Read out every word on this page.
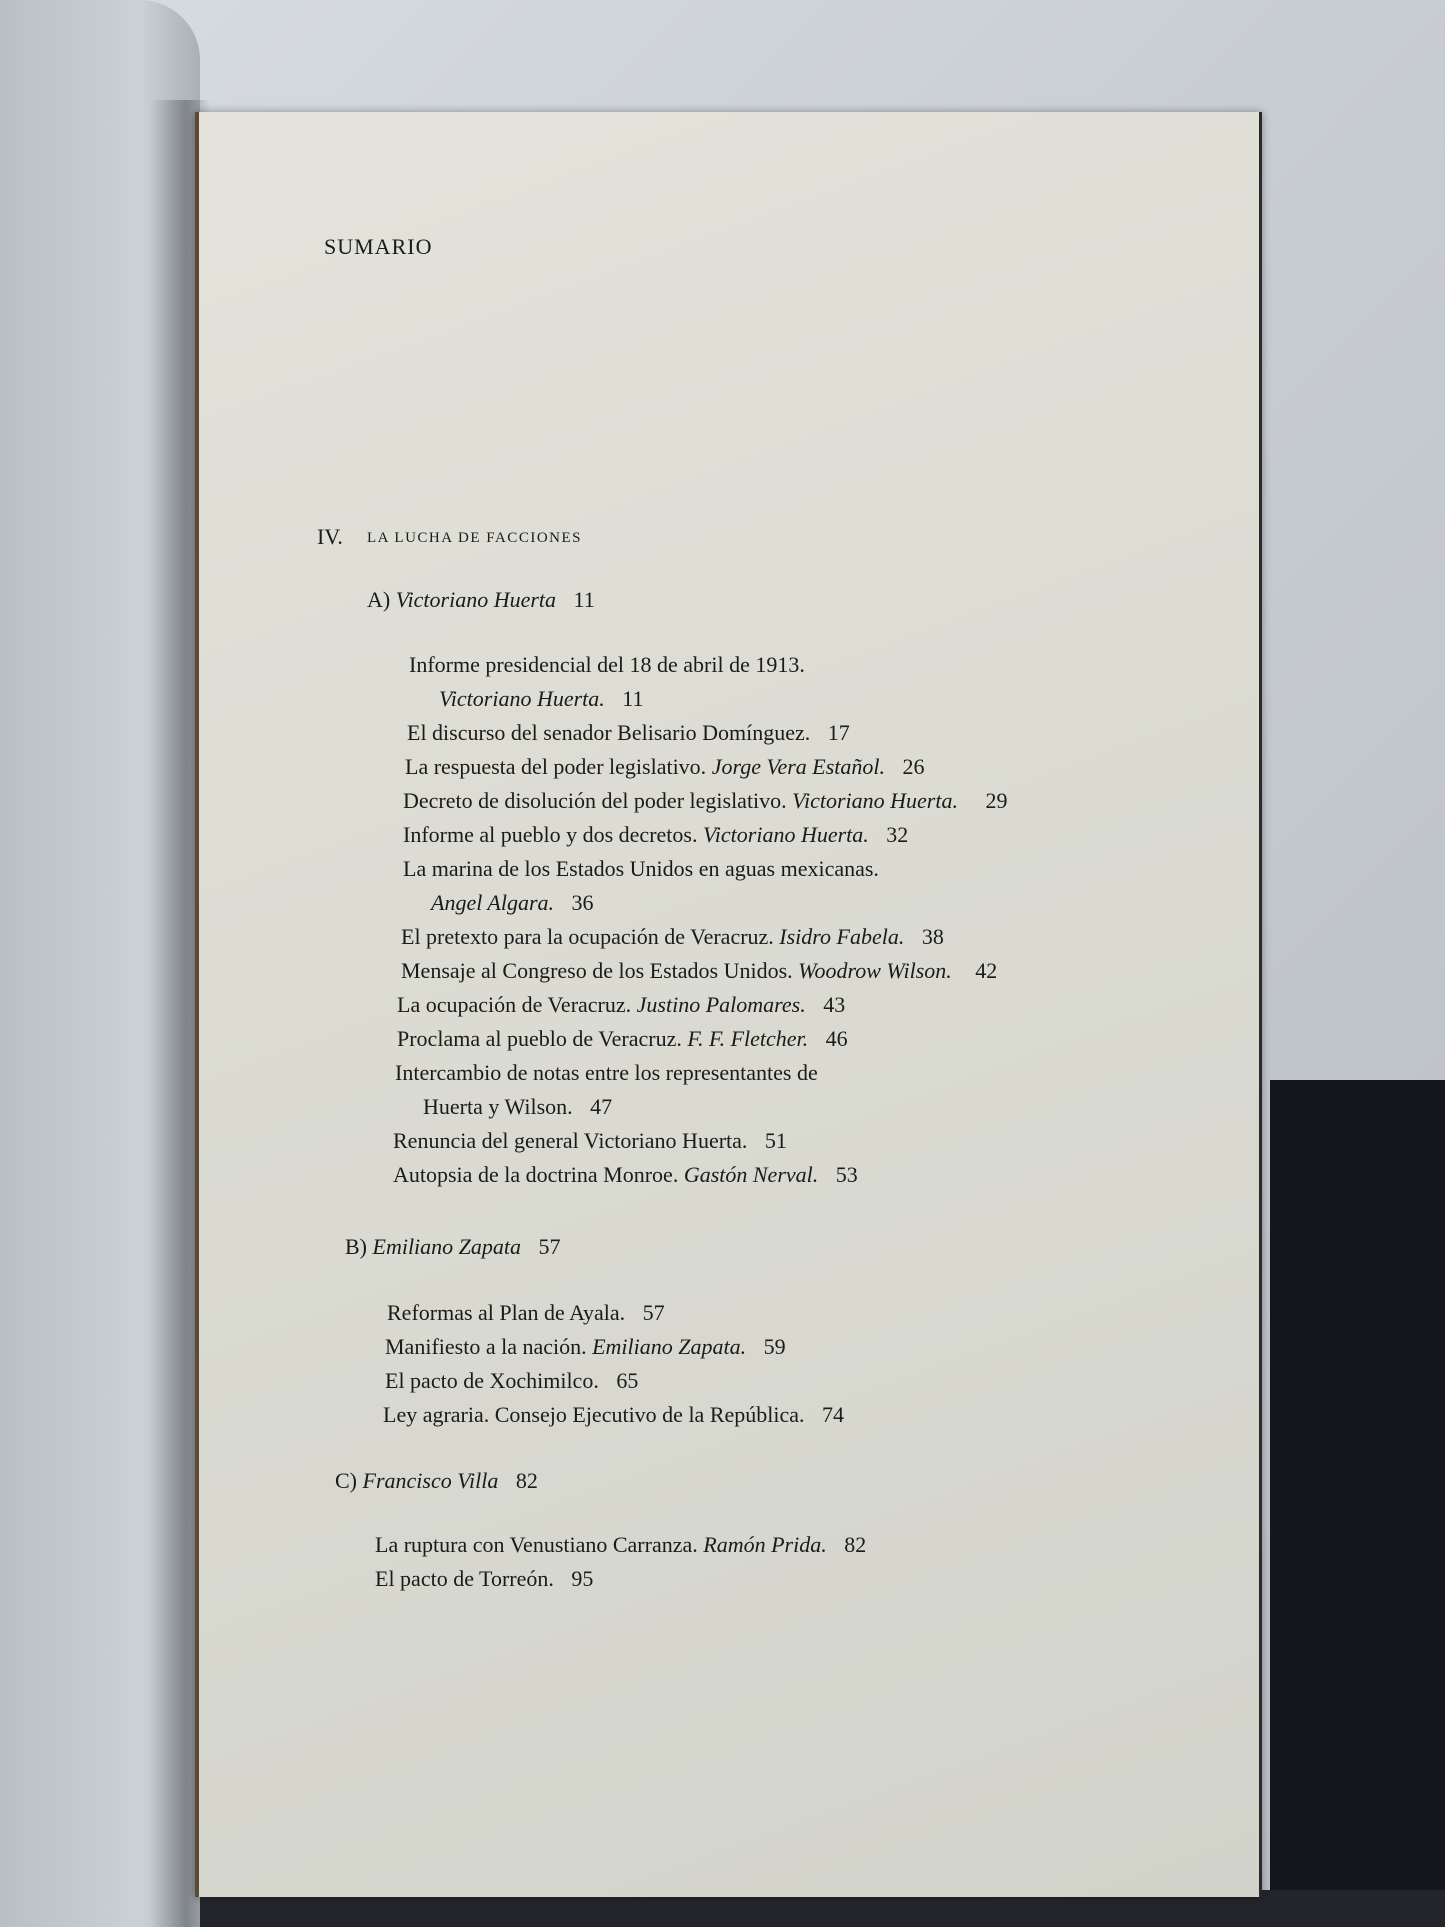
SUMARIO
IV. LA LUCHA DE FACCIONES
A) Victoriano Huerta 11
Informe presidencial del 18 de abril de 1913.
Victoriano Huerta. 11
El discurso del senador Belisario Domínguez. 17
La respuesta del poder legislativo. Jorge Vera Estañol. 26
Decreto de disolución del poder legislativo. Victoriano Huerta. 29
Informe al pueblo y dos decretos. Victoriano Huerta. 32
La marina de los Estados Unidos en aguas mexicanas.
Angel Algara. 36
El pretexto para la ocupación de Veracruz. Isidro Fabela. 38
Mensaje al Congreso de los Estados Unidos. Woodrow Wilson. 42
La ocupación de Veracruz. Justino Palomares. 43
Proclama al pueblo de Veracruz. F. F. Fletcher. 46
Intercambio de notas entre los representantes de
Huerta y Wilson. 47
Renuncia del general Victoriano Huerta. 51
Autopsia de la doctrina Monroe. Gastón Nerval. 53
B) Emiliano Zapata 57
Reformas al Plan de Ayala. 57
Manifiesto a la nación. Emiliano Zapata. 59
El pacto de Xochimilco. 65
Ley agraria. Consejo Ejecutivo de la República. 74
C) Francisco Villa 82
La ruptura con Venustiano Carranza. Ramón Prida. 82
El pacto de Torreón. 95
